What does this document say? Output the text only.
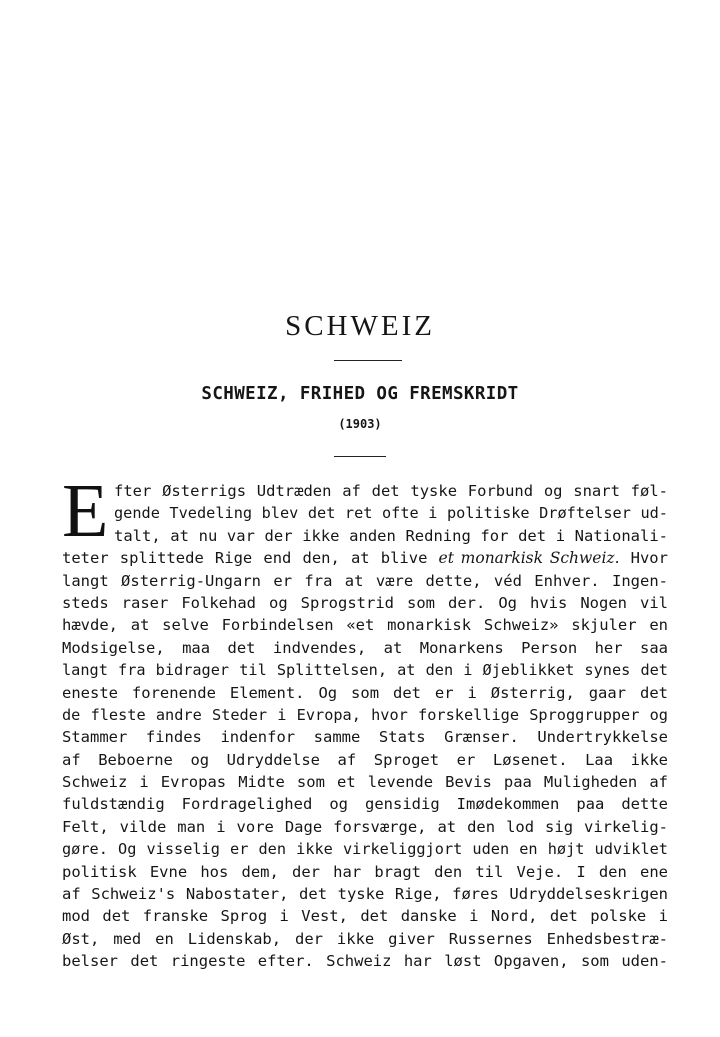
SCHWEIZ
SCHWEIZ, FRIHED OG FREMSKRIDT
(1903)
E fter Østerrigs Udtræden af det tyske Forbund og snart føl-
gende Tvedeling blev det ret ofte i politiske Drøftelser ud-
talt, at nu var der ikke anden Redning for det i Nationali-
teter splittede Rige end den, at blive et monarkisk Schweiz. Hvor
langt Østerrig-Ungarn er fra at være dette, véd Enhver. Ingen-
steds raser Folkehad og Sprogstrid som der. Og hvis Nogen vil
hævde, at selve Forbindelsen «et monarkisk Schweiz» skjuler en
Modsigelse, maa det indvendes, at Monarkens Person her saa
langt fra bidrager til Splittelsen, at den i Øjeblikket synes det
eneste forenende Element. Og som det er i Østerrig, gaar det
de fleste andre Steder i Evropa, hvor forskellige Sproggrupper og
Stammer findes indenfor samme Stats Grænser. Undertrykkelse
af Beboerne og Udryddelse af Sproget er Løsenet. Laa ikke
Schweiz i Evropas Midte som et levende Bevis paa Muligheden af
fuldstændig Fordragelighed og gensidig Imødekommen paa dette
Felt, vilde man i vore Dage forsværge, at den lod sig virkelig-
gøre. Og visselig er den ikke virkeliggjort uden en højt udviklet
politisk Evne hos dem, der har bragt den til Veje. I den ene
af Schweiz's Nabostater, det tyske Rige, føres Udryddelseskrigen
mod det franske Sprog i Vest, det danske i Nord, det polske i
Øst, med en Lidenskab, der ikke giver Russernes Enhedsbestræ-
belser det ringeste efter. Schweiz har løst Opgaven, som uden-
